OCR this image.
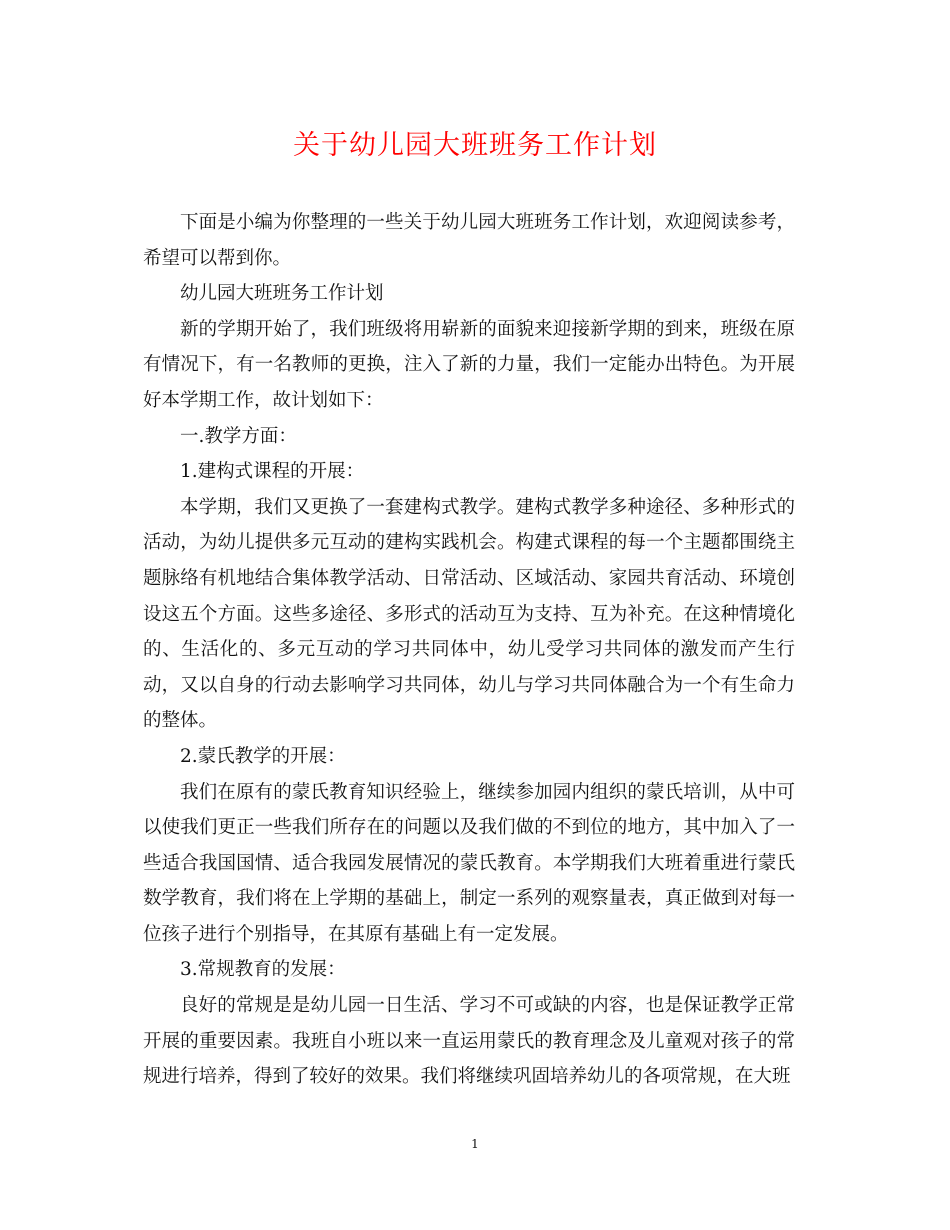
关于幼儿园大班班务工作计划

下面是小编为你整理的一些关于幼儿园大班班务工作计划，欢迎阅读参考，希望可以帮到你。

幼儿园大班班务工作计划

新的学期开始了，我们班级将用崭新的面貌来迎接新学期的到来，班级在原有情况下，有一名教师的更换，注入了新的力量，我们一定能办出特色。为开展好本学期工作，故计划如下：

一.教学方面：

1.建构式课程的开展：

本学期，我们又更换了一套建构式教学。建构式教学多种途径、多种形式的活动，为幼儿提供多元互动的建构实践机会。构建式课程的每一个主题都围绕主题脉络有机地结合集体教学活动、日常活动、区域活动、家园共育活动、环境创设这五个方面。这些多途径、多形式的活动互为支持、互为补充。在这种情境化的、生活化的、多元互动的学习共同体中，幼儿受学习共同体的激发而产生行动，又以自身的行动去影响学习共同体，幼儿与学习共同体融合为一个有生命力的整体。

2.蒙氏教学的开展：

我们在原有的蒙氏教育知识经验上，继续参加园内组织的蒙氏培训，从中可以使我们更正一些我们所存在的问题以及我们做的不到位的地方，其中加入了一些适合我国国情、适合我园发展情况的蒙氏教育。本学期我们大班着重进行蒙氏数学教育，我们将在上学期的基础上，制定一系列的观察量表，真正做到对每一位孩子进行个别指导，在其原有基础上有一定发展。

3.常规教育的发展：

良好的常规是是幼儿园一日生活、学习不可或缺的内容，也是保证教学正常开展的重要因素。我班自小班以来一直运用蒙氏的教育理念及儿童观对孩子的常规进行培养，得到了较好的效果。我们将继续巩固培养幼儿的各项常规，在大班

1
